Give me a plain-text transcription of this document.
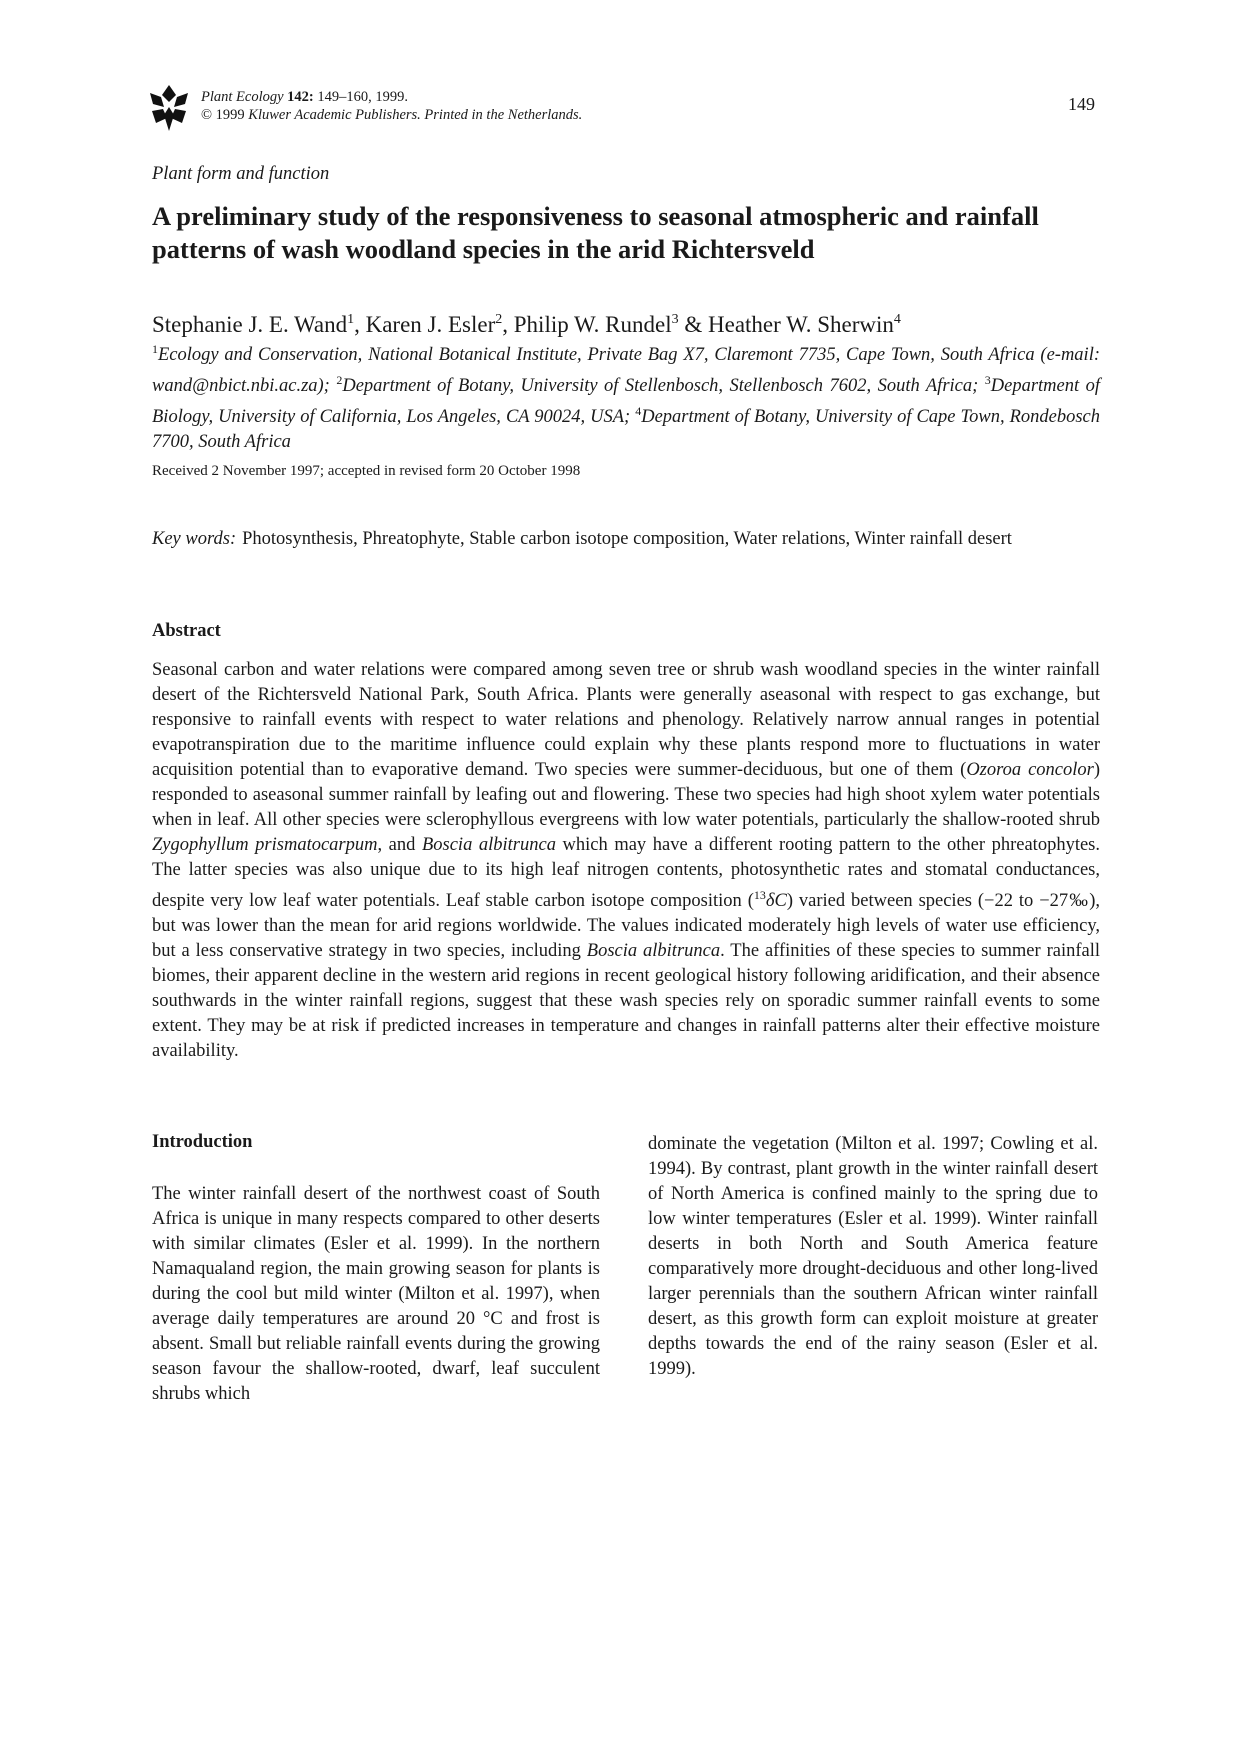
Plant Ecology 142: 149–160, 1999.
© 1999 Kluwer Academic Publishers. Printed in the Netherlands.
149
Plant form and function
A preliminary study of the responsiveness to seasonal atmospheric and rainfall patterns of wash woodland species in the arid Richtersveld
Stephanie J. E. Wand$^1$, Karen J. Esler$^2$, Philip W. Rundel$^3$ & Heather W. Sherwin$^4$
$^1$Ecology and Conservation, National Botanical Institute, Private Bag X7, Claremont 7735, Cape Town, South Africa (e-mail: wand@nbict.nbi.ac.za); $^2$Department of Botany, University of Stellenbosch, Stellenbosch 7602, South Africa; $^3$Department of Biology, University of California, Los Angeles, CA 90024, USA; $^4$Department of Botany, University of Cape Town, Rondebosch 7700, South Africa
Received 2 November 1997; accepted in revised form 20 October 1998
Key words: Photosynthesis, Phreatophyte, Stable carbon isotope composition, Water relations, Winter rainfall desert
Abstract

Seasonal carbon and water relations were compared among seven tree or shrub wash woodland species in the winter rainfall desert of the Richtersveld National Park, South Africa. Plants were generally aseasonal with respect to gas exchange, but responsive to rainfall events with respect to water relations and phenology. Relatively narrow annual ranges in potential evapotranspiration due to the maritime influence could explain why these plants respond more to fluctuations in water acquisition potential than to evaporative demand. Two species were summer-deciduous, but one of them (Ozoroa concolor) responded to aseasonal summer rainfall by leafing out and flowering. These two species had high shoot xylem water potentials when in leaf. All other species were sclerophyllous evergreens with low water potentials, particularly the shallow-rooted shrub Zygophyllum prismatocarpum, and Boscia albitrunca which may have a different rooting pattern to the other phreatophytes. The latter species was also unique due to its high leaf nitrogen contents, photosynthetic rates and stomatal conductances, despite very low leaf water potentials. Leaf stable carbon isotope composition ($^{13}$δC) varied between species (−22 to −27‰), but was lower than the mean for arid regions worldwide. The values indicated moderately high levels of water use efficiency, but a less conservative strategy in two species, including Boscia albitrunca. The affinities of these species to summer rainfall biomes, their apparent decline in the western arid regions in recent geological history following aridification, and their absence southwards in the winter rainfall regions, suggest that these wash species rely on sporadic summer rainfall events to some extent. They may be at risk if predicted increases in temperature and changes in rainfall patterns alter their effective moisture availability.

Introduction

The winter rainfall desert of the northwest coast of South Africa is unique in many respects compared to other deserts with similar climates (Esler et al. 1999). In the northern Namaqualand region, the main growing season for plants is during the cool but mild winter (Milton et al. 1997), when average daily temperatures are around 20 °C and frost is absent. Small but reliable rainfall events during the growing season favour the shallow-rooted, dwarf, leaf succulent shrubs which

dominate the vegetation (Milton et al. 1997; Cowling et al. 1994). By contrast, plant growth in the winter rainfall desert of North America is confined mainly to the spring due to low winter temperatures (Esler et al. 1999). Winter rainfall deserts in both North and South America feature comparatively more drought-deciduous and other long-lived larger perennials than the southern African winter rainfall desert, as this growth form can exploit moisture at greater depths towards the end of the rainy season (Esler et al. 1999).
